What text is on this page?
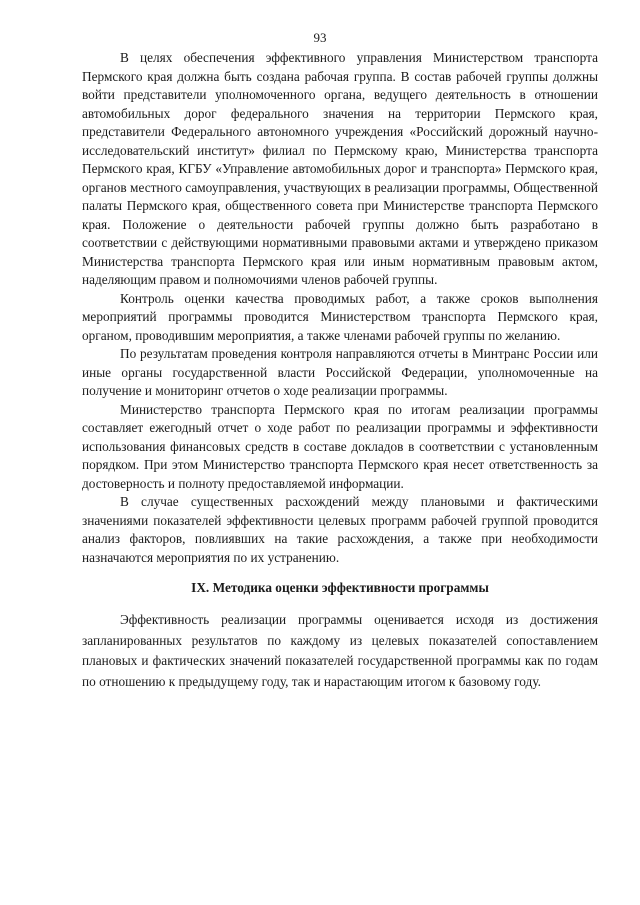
93

В целях обеспечения эффективного управления Министерством транспорта Пермского края должна быть создана рабочая группа. В состав рабочей группы должны войти представители уполномоченного органа, ведущего деятельность в отношении автомобильных дорог федерального значения на территории Пермского края, представители Федерального автономного учреждения «Российский дорожный научно-исследовательский институт» филиал по Пермскому краю, Министерства транспорта Пермского края, КГБУ «Управление автомобильных дорог и транспорта» Пермского края, органов местного самоуправления, участвующих в реализации программы, Общественной палаты Пермского края, общественного совета при Министерстве транспорта Пермского края. Положение о деятельности рабочей группы должно быть разработано в соответствии с действующими нормативными правовыми актами и утверждено приказом Министерства транспорта Пермского края или иным нормативным правовым актом, наделяющим правом и полномочиями членов рабочей группы.

Контроль оценки качества проводимых работ, а также сроков выполнения мероприятий программы проводится Министерством транспорта Пермского края, органом, проводившим мероприятия, а также членами рабочей группы по желанию.

По результатам проведения контроля направляются отчеты в Минтранс России или иные органы государственной власти Российской Федерации, уполномоченные на получение и мониторинг отчетов о ходе реализации программы.

Министерство транспорта Пермского края по итогам реализации программы составляет ежегодный отчет о ходе работ по реализации программы и эффективности использования финансовых средств в составе докладов в соответствии с установленным порядком. При этом Министерство транспорта Пермского края несет ответственность за достоверность и полноту предоставляемой информации.

В случае существенных расхождений между плановыми и фактическими значениями показателей эффективности целевых программ рабочей группой проводится анализ факторов, повлиявших на такие расхождения, а также при необходимости назначаются мероприятия по их устранению.

IX. Методика оценки эффективности программы

Эффективность реализации программы оценивается исходя из достижения запланированных результатов по каждому из целевых показателей сопоставлением плановых и фактических значений показателей государственной программы как по годам по отношению к предыдущему году, так и нарастающим итогом к базовому году.
